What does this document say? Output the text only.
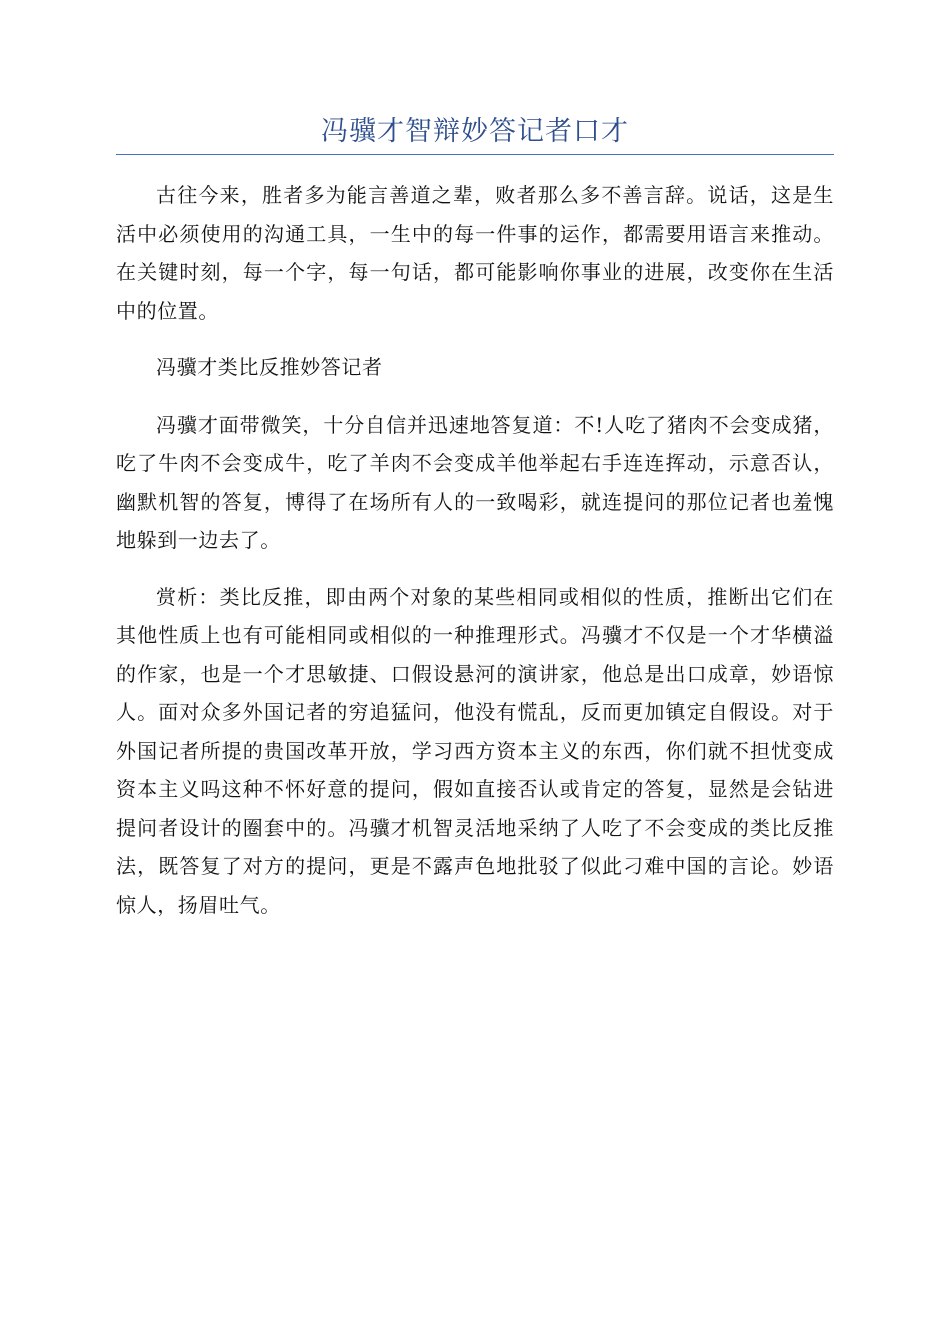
冯骥才智辩妙答记者口才

古往今来，胜者多为能言善道之辈，败者那么多不善言辞。说话，这是生活中必须使用的沟通工具，一生中的每一件事的运作，都需要用语言来推动。在关键时刻，每一个字，每一句话，都可能影响你事业的进展，改变你在生活中的位置。

冯骥才类比反推妙答记者

冯骥才面带微笑，十分自信并迅速地答复道：不!人吃了猪肉不会变成猪，吃了牛肉不会变成牛，吃了羊肉不会变成羊他举起右手连连挥动，示意否认，幽默机智的答复，博得了在场所有人的一致喝彩，就连提问的那位记者也羞愧地躲到一边去了。

赏析：类比反推，即由两个对象的某些相同或相似的性质，推断出它们在其他性质上也有可能相同或相似的一种推理形式。冯骥才不仅是一个才华横溢的作家，也是一个才思敏捷、口假设悬河的演讲家，他总是出口成章，妙语惊人。面对众多外国记者的穷追猛问，他没有慌乱，反而更加镇定自假设。对于外国记者所提的贵国改革开放，学习西方资本主义的东西，你们就不担忧变成资本主义吗这种不怀好意的提问，假如直接否认或肯定的答复，显然是会钻进提问者设计的圈套中的。冯骥才机智灵活地采纳了人吃了不会变成的类比反推法，既答复了对方的提问，更是不露声色地批驳了似此刁难中国的言论。妙语惊人，扬眉吐气。
